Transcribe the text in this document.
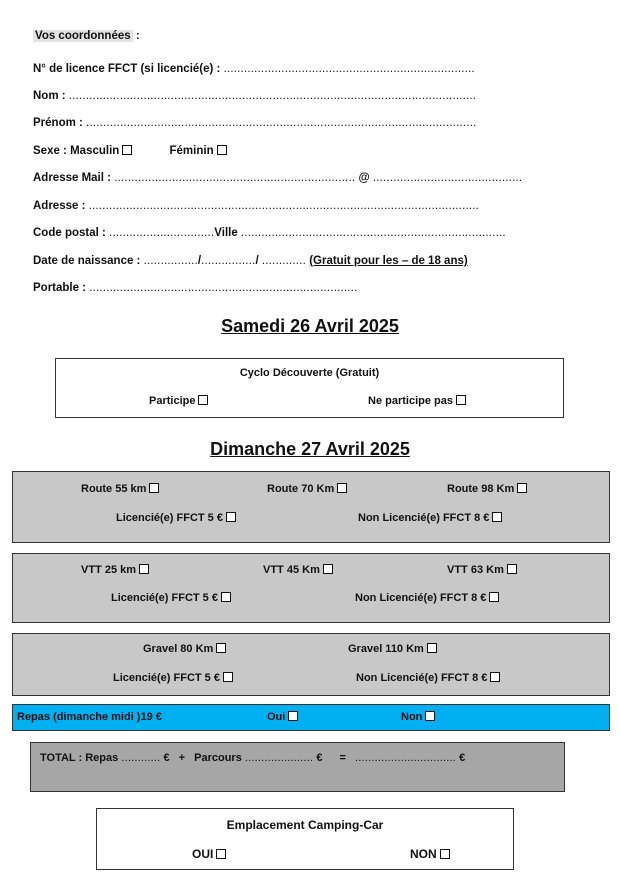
Vos coordonnées :
N° de licence FFCT (si licencié(e) : ..........................................................................
Nom : ........................................................................................................................
Prénom : ...................................................................................................................
Sexe : Masculin	Féminin
Adresse Mail : ....................................................................... @ ............................................
Adresse : ...................................................................................................................
Code postal : ...............................Ville ..............................................................................
Date de naissance : ................/................/ ............. (Gratuit pour les – de 18 ans)
Portable : ...............................................................................
Samedi 26 Avril 2025
Cyclo Découverte (Gratuit)
Participe	Ne participe pas
Dimanche 27 Avril 2025
Route 55 km	Route 70 Km	Route 98 Km
Licencié(e) FFCT 5 €	Non Licencié(e) FFCT 8 €
VTT 25 km	VTT 45 Km	VTT 63 Km
Licencié(e) FFCT 5 €	Non Licencié(e) FFCT 8 €
Gravel 80 Km	Gravel 110 Km
Licencié(e) FFCT 5 €	Non Licencié(e) FFCT 8 €
Repas (dimanche midi )19 €	Oui	Non
TOTAL : Repas ............ € + Parcours ..................... € = ............................... €
Emplacement Camping-Car
OUI	NON
